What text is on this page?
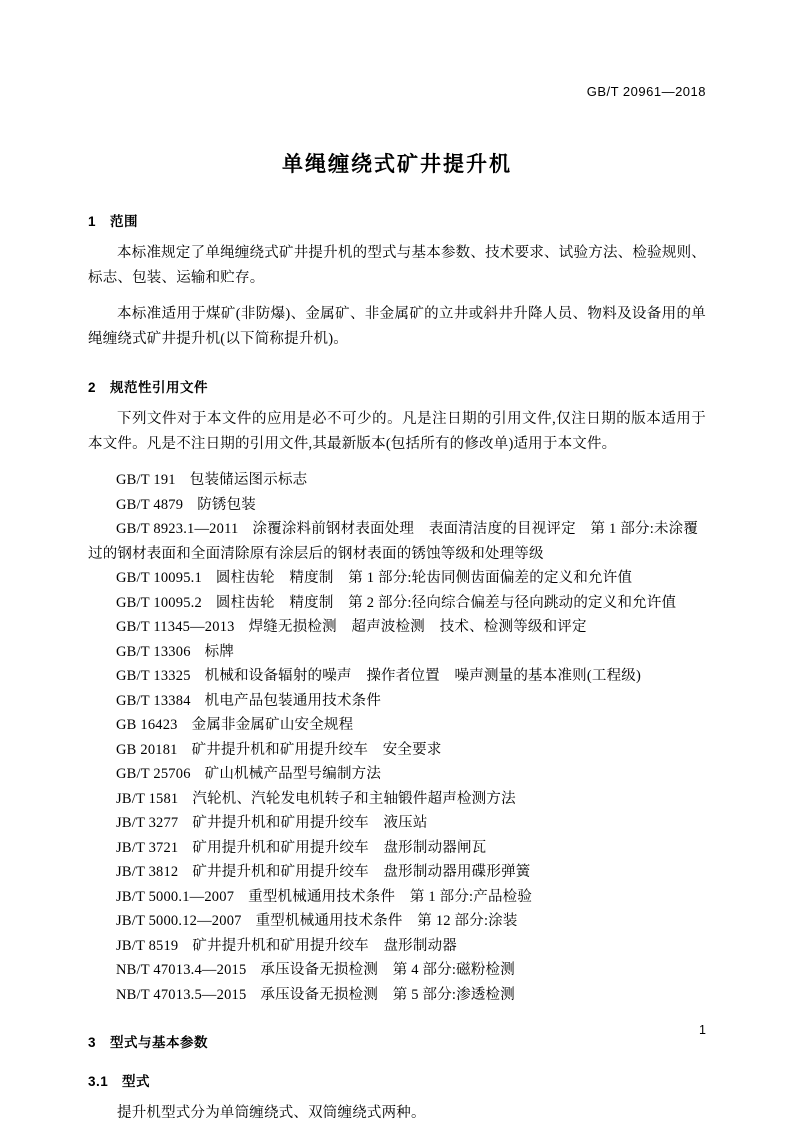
GB/T 20961—2018
单绳缠绕式矿井提升机
1 范围

本标准规定了单绳缠绕式矿井提升机的型式与基本参数、技术要求、试验方法、检验规则、标志、包装、运输和贮存。

本标准适用于煤矿(非防爆)、金属矿、非金属矿的立井或斜井升降人员、物料及设备用的单绳缠绕式矿井提升机(以下简称提升机)。

2 规范性引用文件

下列文件对于本文件的应用是必不可少的。凡是注日期的引用文件,仅注日期的版本适用于本文件。凡是不注日期的引用文件,其最新版本(包括所有的修改单)适用于本文件。

GB/T 191 包装储运图示标志
GB/T 4879 防锈包装
GB/T 8923.1—2011 涂覆涂料前钢材表面处理　表面清洁度的目视评定　第 1 部分:未涂覆过的钢材表面和全面清除原有涂层后的钢材表面的锈蚀等级和处理等级
GB/T 10095.1 圆柱齿轮　精度制　第 1 部分:轮齿同侧齿面偏差的定义和允许值
GB/T 10095.2 圆柱齿轮　精度制　第 2 部分:径向综合偏差与径向跳动的定义和允许值
GB/T 11345—2013 焊缝无损检测　超声波检测　技术、检测等级和评定
GB/T 13306 标牌
GB/T 13325 机械和设备辐射的噪声　操作者位置　噪声测量的基本准则(工程级)
GB/T 13384 机电产品包装通用技术条件
GB 16423 金属非金属矿山安全规程
GB 20181 矿井提升机和矿用提升绞车　安全要求
GB/T 25706 矿山机械产品型号编制方法
JB/T 1581 汽轮机、汽轮发电机转子和主轴锻件超声检测方法
JB/T 3277 矿井提升机和矿用提升绞车　液压站
JB/T 3721 矿用提升机和矿用提升绞车　盘形制动器闸瓦
JB/T 3812 矿井提升机和矿用提升绞车　盘形制动器用碟形弹簧
JB/T 5000.1—2007 重型机械通用技术条件　第 1 部分:产品检验
JB/T 5000.12—2007 重型机械通用技术条件　第 12 部分:涂装
JB/T 8519 矿井提升机和矿用提升绞车　盘形制动器
NB/T 47013.4—2015 承压设备无损检测　第 4 部分:磁粉检测
NB/T 47013.5—2015 承压设备无损检测　第 5 部分:渗透检测
3 型式与基本参数
3.1 型式

提升机型式分为单筒缠绕式、双筒缠绕式两种。

1
